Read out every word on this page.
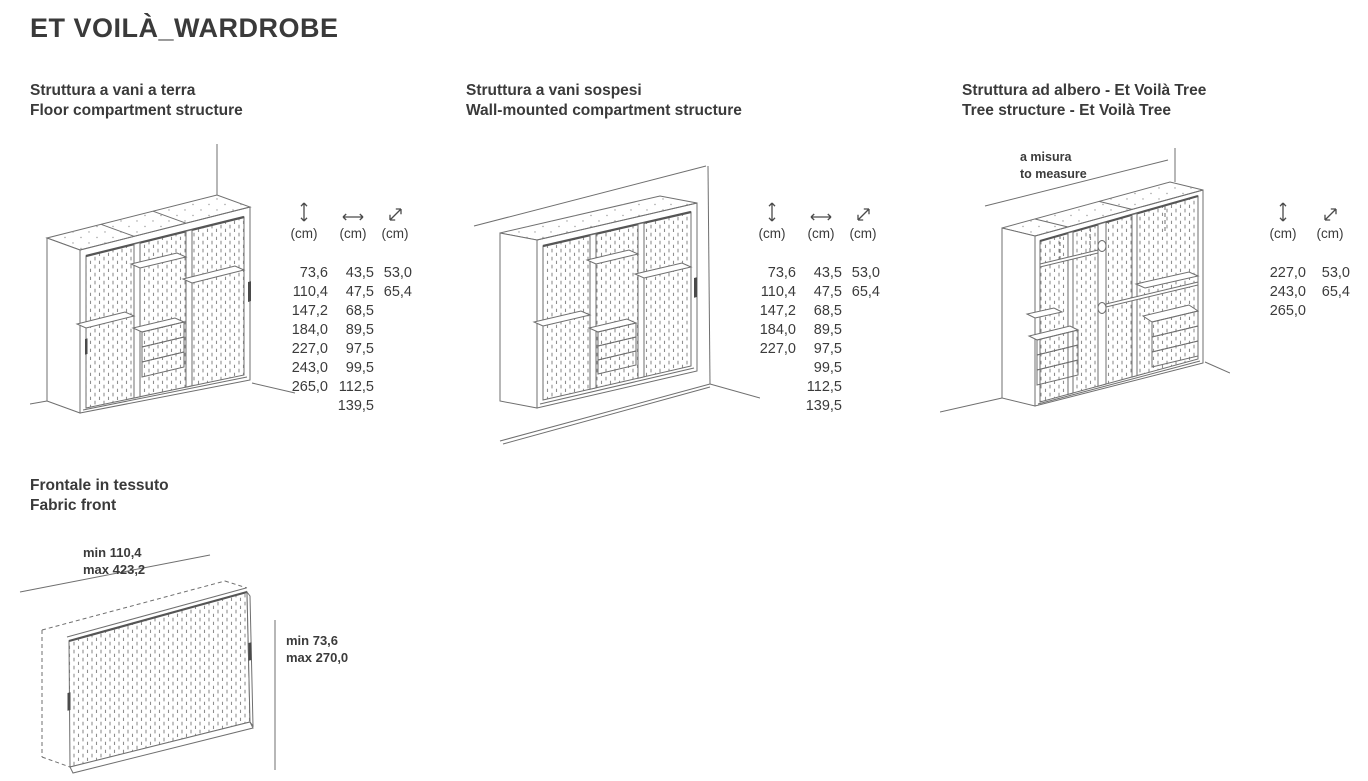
ET VOILÀ_WARDROBE
Struttura a vani a terra
Floor compartment structure
Struttura a vani sospesi
Wall-mounted compartment structure
Struttura ad albero - Et Voilà Tree
Tree structure - Et Voilà Tree
Frontale in tessuto
Fabric front
a misura
to measure
min 110,4
max 423,2
min 73,6
max 270,0
(cm)
73,6
110,4
147,2
184,0
227,0
243,0
265,0
(cm)
43,5
47,5
68,5
89,5
97,5
99,5
112,5
139,5
(cm)
53,0
65,4
(cm)
73,6
110,4
147,2
184,0
227,0
(cm)
43,5
47,5
68,5
89,5
97,5
99,5
112,5
139,5
(cm)
53,0
65,4
(cm)
227,0
243,0
265,0
(cm)
53,0
65,4
